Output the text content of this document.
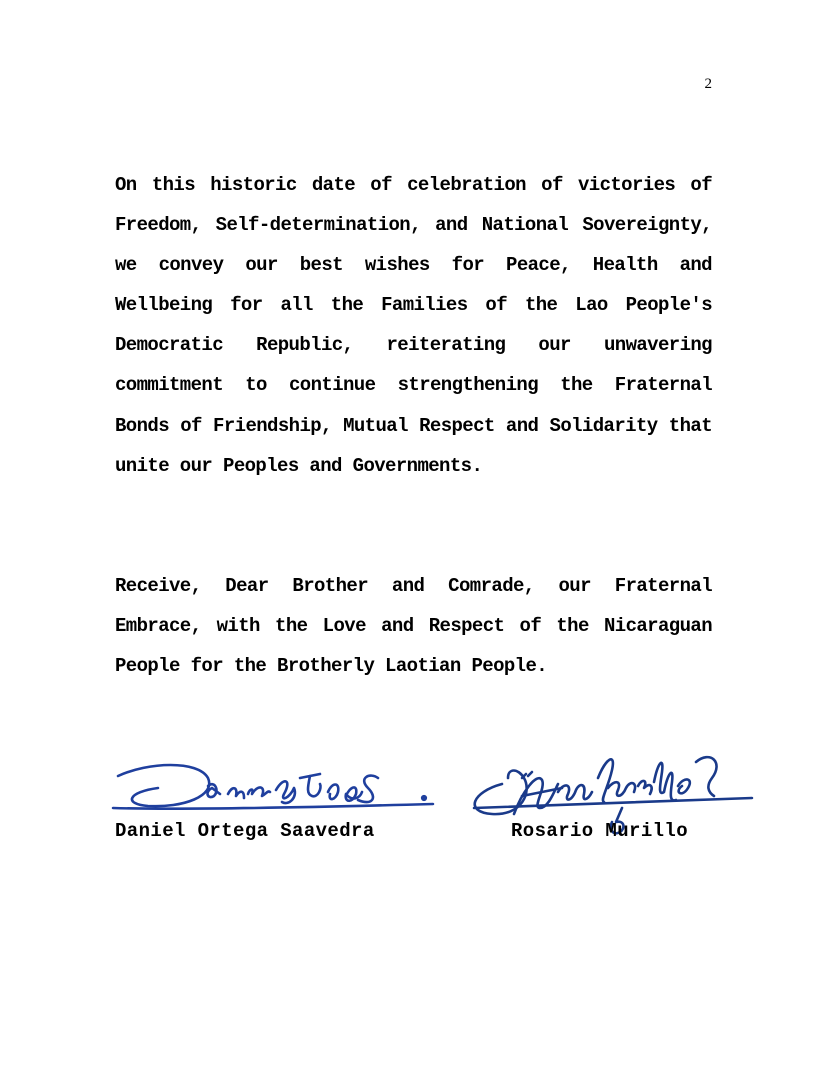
2

On this historic date of celebration of victories of Freedom, Self-determination, and National Sovereignty, we convey our best wishes for Peace, Health and Wellbeing for all the Families of the Lao People's Democratic Republic, reiterating our unwavering commitment to continue strengthening the Fraternal Bonds of Friendship, Mutual Respect and Solidarity that unite our Peoples and Governments.

Receive, Dear Brother and Comrade, our Fraternal Embrace, with the Love and Respect of the Nicaraguan People for the Brotherly Laotian People.

Daniel Ortega Saavedra	Rosario Murillo
